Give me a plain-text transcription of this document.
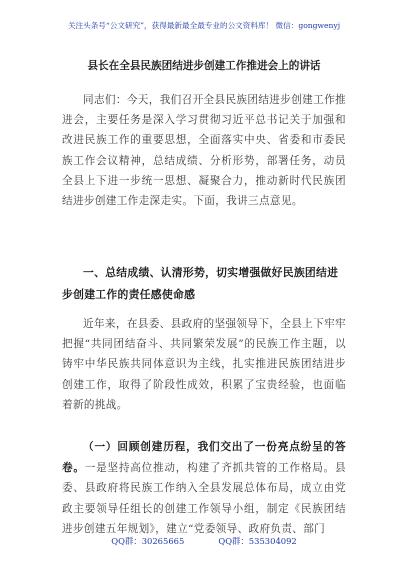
关注头条号“公文研究”，获得最新最全最专业的公文资料库！ 微信：gongwenyj
县长在全县民族团结进步创建工作推进会上的讲话

同志们：今天，我们召开全县民族团结进步创建工作推进会，主要任务是深入学习贯彻习近平总书记关于加强和改进民族工作的重要思想，全面落实中央、省委和市委民族工作会议精神，总结成绩、分析形势，部署任务，动员全县上下进一步统一思想、凝聚合力，推动新时代民族团结进步创建工作走深走实。下面，我讲三点意见。

一、总结成绩、认清形势，切实增强做好民族团结进步创建工作的责任感使命感

近年来，在县委、县政府的坚强领导下，全县上下牢牢把握“共同团结奋斗、共同繁荣发展”的民族工作主题，以铸牢中华民族共同体意识为主线，扎实推进民族团结进步创建工作，取得了阶段性成效，积累了宝贵经验，也面临着新的挑战。

（一）回顾创建历程，我们交出了一份亮点纷呈的答卷。一是坚持高位推动，构建了齐抓共管的工作格局。县委、县政府将民族工作纳入全县发展总体布局，成立由党政主要领导任组长的创建工作领导小组，制定《民族团结进步创建五年规划》，建立“党委领导、政府负责、部门

QQ群：30265665	QQ群：535304092
